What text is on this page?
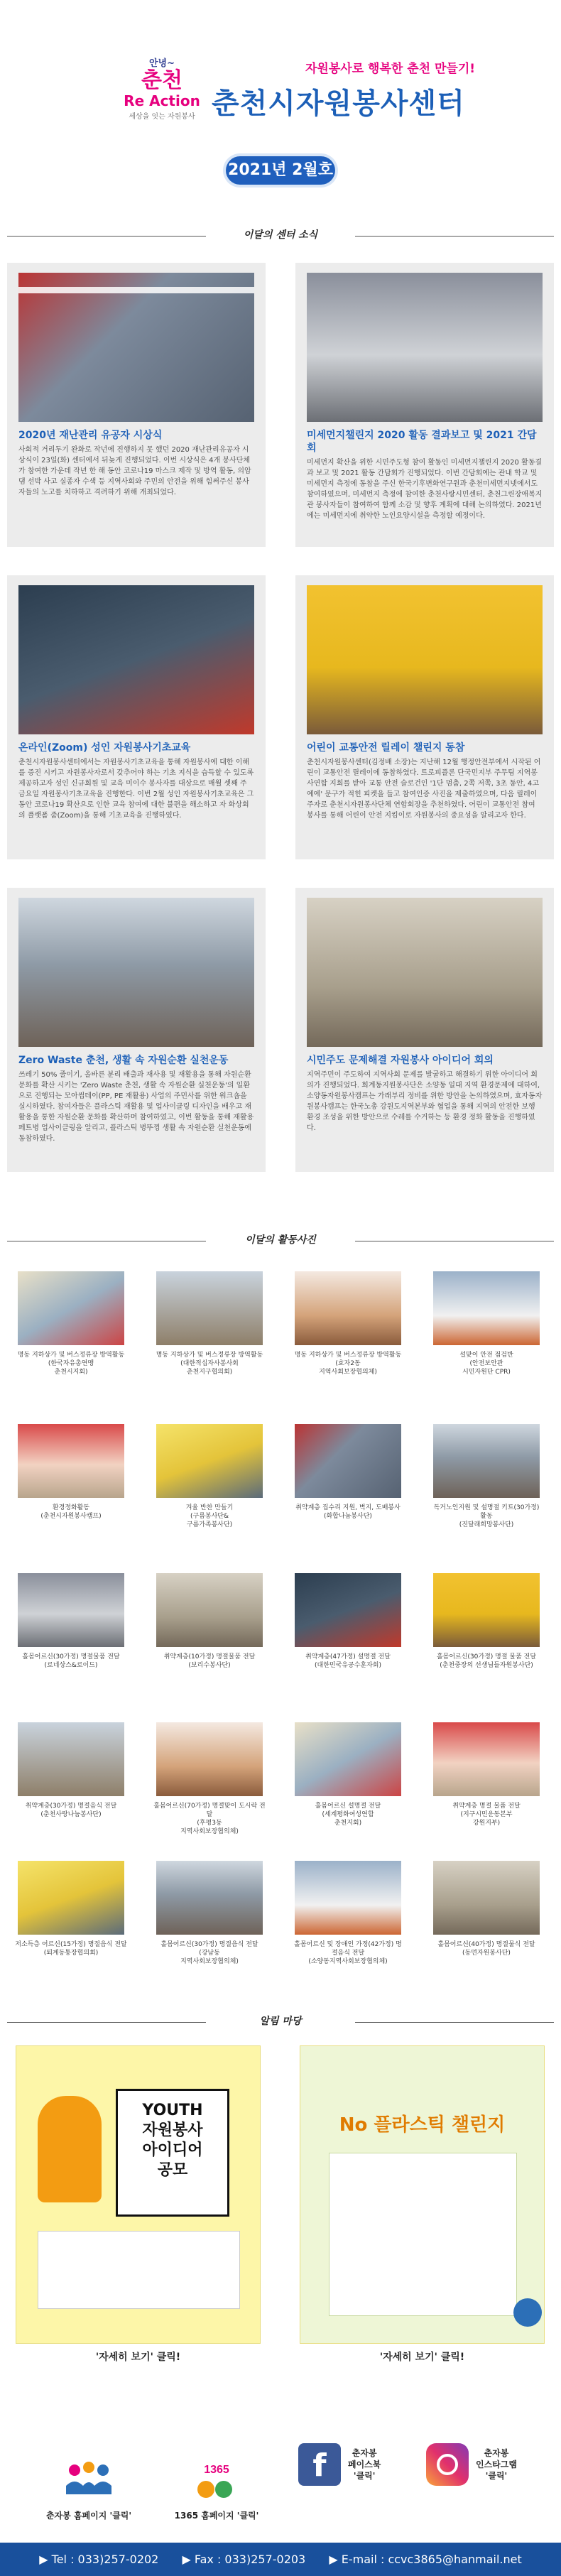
안녕~
춘천
Re Action
세상을 잇는 자원봉사
자원봉사로 행복한 춘천 만들기!
춘천시자원봉사센터
2021년 2월호
이달의 센터 소식

2020년 재난관리 유공자 시상식

사회적 거리두기 완화로 작년에 진행하지 못 했던 2020 재난관리유공자 시상식이 23일(화) 센터에서 뒤늦게 진행되었다. 이번 시상식은 4개 봉사단체가 참여한 가운데 작년 한 해 동안 코로나19 마스크 제작 및 방역 활동, 의암댐 선박 사고 실종자 수색 등 지역사회와 주민의 안전을 위해 힘써주신 봉사자들의 노고를 치하하고 격려하기 위해 개최되었다.

미세먼지챌린지 2020 활동 결과보고 및 2021 간담회

미세먼지 확산을 위한 시민주도형 참여 활동인 미세먼지챌린지 2020 활동결과 보고 및 2021 활동 간담회가 진행되었다. 이번 간담회에는 관내 학교 및 미세먼지 측정에 동참을 주신 한국기후변화연구원과 춘천미세먼지넷에서도 참여하였으며, 미세먼지 측정에 참여한 춘천사랑시민센터, 춘천그린장애복지관 봉사자들이 참여하여 함께 소감 및 향후 계획에 대해 논의하였다. 2021년에는 미세먼지에 취약한 노인요양시설을 측정할 예정이다.

온라인(Zoom) 성인 자원봉사기초교육

춘천시자원봉사센터에서는 자원봉사기초교육을 통해 자원봉사에 대한 이해를 증진 시키고 자원봉사자로서 갖추어야 하는 기초 지식을 습득할 수 있도록 제공하고자 성인 신규회원 및 교육 미이수 봉사자를 대상으로 매월 셋째 주 금요일 자원봉사기초교육을 진행한다. 이번 2월 성인 자원봉사기초교육은 그동안 코로나19 확산으로 인한 교육 참여에 대한 불편을 해소하고 자 화상회의 플랫폼 줌(Zoom)을 통해 기초교육을 진행하였다.

어린이 교통안전 릴레이 챌린지 동참

춘천시자원봉사센터(김정배 소장)는 지난해 12월 행정안전부에서 시작된 어린이 교통안전 릴레이에 동참하였다. 트로피플론 단국민지부 주무팀 지역봉사연합 지회를 받아 교통 안전 슬로건인 '1단 멈춤, 2쪽 저쪽, 3초 동안, 4고 예에' 문구가 적힌 피켓을 들고 참여인증 사진을 제출하였으며, 다음 릴레이 주자로 춘천시자원봉사단체 연합회장을 추천하였다. 어린이 교통안전 참여 봉사를 통해 어린이 안전 지킴이로 자원봉사의 중요성을 알리고자 한다.

Zero Waste 춘천, 생활 속 자원순환 실천운동

쓰레기 50% 줄이기, 올바른 분리 배출과 재사용 및 재활용을 통해 자원순환 문화를 확산 시키는 'Zero Waste 춘천, 생활 속 자원순환 실천운동'의 일환으로 진행되는 모아썹데이(PP, PE 재활용) 사업의 주민사를 위한 워크숍을 실시하였다. 참여자들은 플라스틱 재활용 및 업사이클링 디자인을 배우고 재활용을 통한 자원순환 문화를 확산하며 참여하였고, 이번 활동을 통해 재활용 페트병 업사이클링을 알리고, 플라스틱 병뚜껑 생활 속 자원순환 실천운동에 동참하였다.

시민주도 문제해결 자원봉사 아이디어 회의

지역주민이 주도하여 지역사회 문제를 발굴하고 해결하기 위한 아이디어 회의가 진행되었다. 회계동지원봉사단은 소양동 일대 지역 환경문제에 대하여, 소양동자원봉사캠프는 가래부리 정비를 위한 방안을 논의하였으며, 효자동자원봉사캠프는 한국노총 강원도지역본부와 협업을 통해 지역의 안전한 보행 환경 조성을 위한 방안으로 수레를 수거하는 등 환경 정화 활동을 진행하였다.

이달의 활동사진
명동 지하상가 및 버스정류장 방역활동
(한국자유총연맹
춘천시지회)
명동 지하상가 및 버스정류장 방역활동
(대한적십자사봉사회
춘천지구협의회)
명동 지하상가 및 버스정류장 방역활동
(효자2동
지역사회보장협의체)
설맞이 안전 점검반
(안전보안관
시민자원단 CPR)
환경정화활동
(춘천시자원봉사캠프)
겨울 반찬 만들기
(구름봉사단&
구름가족봉사단)
취약계층 집수리 지원, 벽지, 도배봉사
(화합나눔봉사단)
독거노인지원 및 설명절 키트(30가정) 활동
(진달래희망봉사단)
홀몸어르신(30가정) 명절물품 전달
(로네상스&로이드)
취약계층(10가정) 명절물품 전달
(보리수봉사단)
취약계층(47가정) 설명절 전달
(대한민국유공수훈자회)
홀몸어르신(30가정) 명절 물품 전달
(춘천중장의 선생님들자원봉사단)
취약계층(30가정) 명절음식 전달
(춘천사랑나눔봉사단)
홀몸어르신(70가정) 명절맞이 도시락 전달
(후평3동
지역사회보장협의체)
홀몸어르신 설명절 전달
(세계평화여성연합
춘천지회)
취약계층 명절 물품 전달
(지구시민운동본부
강원지부)
저소득층 어르신(15가정) 명절음식 전달
(퇴계동통장협의회)
홀몸어르신(30가정) 명절음식 전달
(강남동
지역사회보장협의체)
홀몸어르신 및 장애인 가정(42가정) 명절음식 전달
(소양동지역사회보장협의체)
홀몸어르신(40가정) 명절물식 전달
(동면자원봉사단)
알림 마당
YOUTH
자원봉사
아이디어
공모
'자세히 보기' 클릭!
No 플라스틱 챌린지
'자세히 보기' 클릭!
춘자봉 홈페이지 '클릭'
1365
1365 홈페이지 '클릭'
f	춘자봉
페이스북
'클릭'
춘자봉
인스타그램
'클릭'
▶ Tel : 033)257-0202 ▶ Fax : 033)257-0203 ▶ E-mail : ccvc3865@hanmail.net
